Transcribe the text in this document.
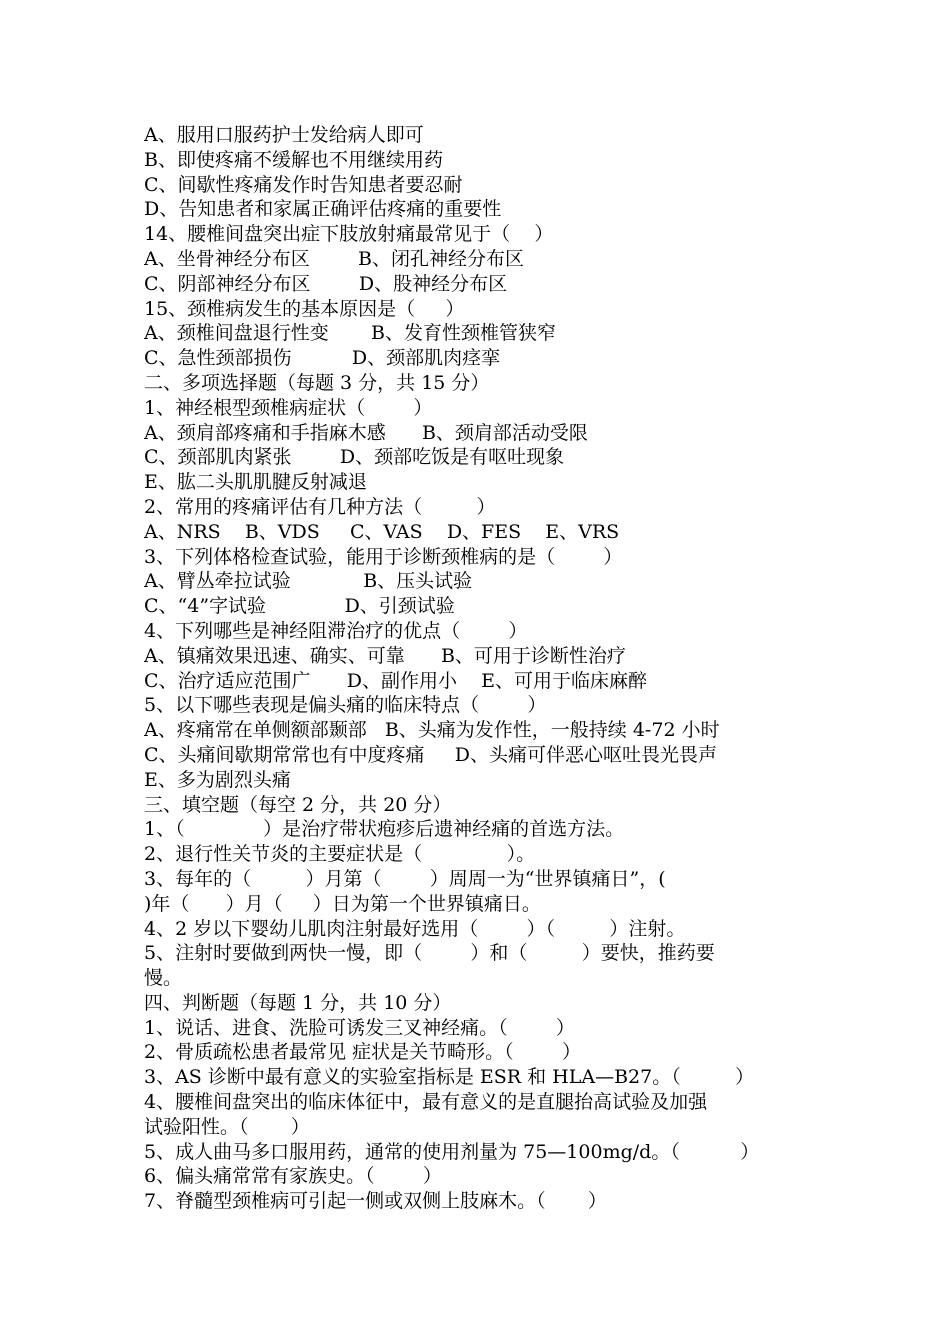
A、服用口服药护士发给病人即可
B、即使疼痛不缓解也不用继续用药
C、间歇性疼痛发作时告知患者要忍耐
D、告知患者和家属正确评估疼痛的重要性
14、腰椎间盘突出症下肢放射痛最常见于（    ）
A、坐骨神经分布区        B、闭孔神经分布区
C、阴部神经分布区        D、股神经分布区
15、颈椎病发生的基本原因是（     ）
A、颈椎间盘退行性变       B、发育性颈椎管狭窄
C、急性颈部损伤          D、颈部肌肉痉挛
二、多项选择题（每题 3 分，共 15 分）
1、神经根型颈椎病症状（        ）
A、颈肩部疼痛和手指麻木感      B、颈肩部活动受限
C、颈部肌肉紧张        D、颈部吃饭是有呕吐现象
E、肱二头肌肌腱反射减退
2、常用的疼痛评估有几种方法（         ）
A、NRS    B、VDS     C、VAS    D、FES    E、VRS
3、下列体格检查试验，能用于诊断颈椎病的是（        ）
A、臂丛牵拉试验            B、压头试验
C、“4”字试验             D、引颈试验
4、下列哪些是神经阻滞治疗的优点（        ）
A、镇痛效果迅速、确实、可靠      B、可用于诊断性治疗
C、治疗适应范围广      D、副作用小    E、可用于临床麻醉
5、以下哪些表现是偏头痛的临床特点（        ）
A、疼痛常在单侧额部颞部   B、头痛为发作性，一般持续 4-72 小时
C、头痛间歇期常常也有中度疼痛     D、头痛可伴恶心呕吐畏光畏声
E、多为剧烈头痛
三、填空题（每空 2 分，共 20 分）
1、（             ）是治疗带状疱疹后遗神经痛的首选方法。
2、退行性关节炎的主要症状是（              ）。
3、每年的（         ）月第（        ）周周一为“世界镇痛日”，(
)年（      ）月（     ）日为第一个世界镇痛日。
4、2 岁以下婴幼儿肌肉注射最好选用（        ）（         ）注射。
5、注射时要做到两快一慢，即（        ）和（         ）要快，推药要
慢。
四、判断题（每题 1 分，共 10 分）
1、说话、进食、洗脸可诱发三叉神经痛。（        ）
2、骨质疏松患者最常见 症状是关节畸形。（        ）
3、AS 诊断中最有意义的实验室指标是 ESR 和 HLA—B27。（         ）
4、腰椎间盘突出的临床体征中，最有意义的是直腿抬高试验及加强
试验阳性。（       ）
5、成人曲马多口服用药，通常的使用剂量为 75—100mg/d。（          ）
6、偏头痛常常有家族史。（        ）
7、脊髓型颈椎病可引起一侧或双侧上肢麻木。（       ）
